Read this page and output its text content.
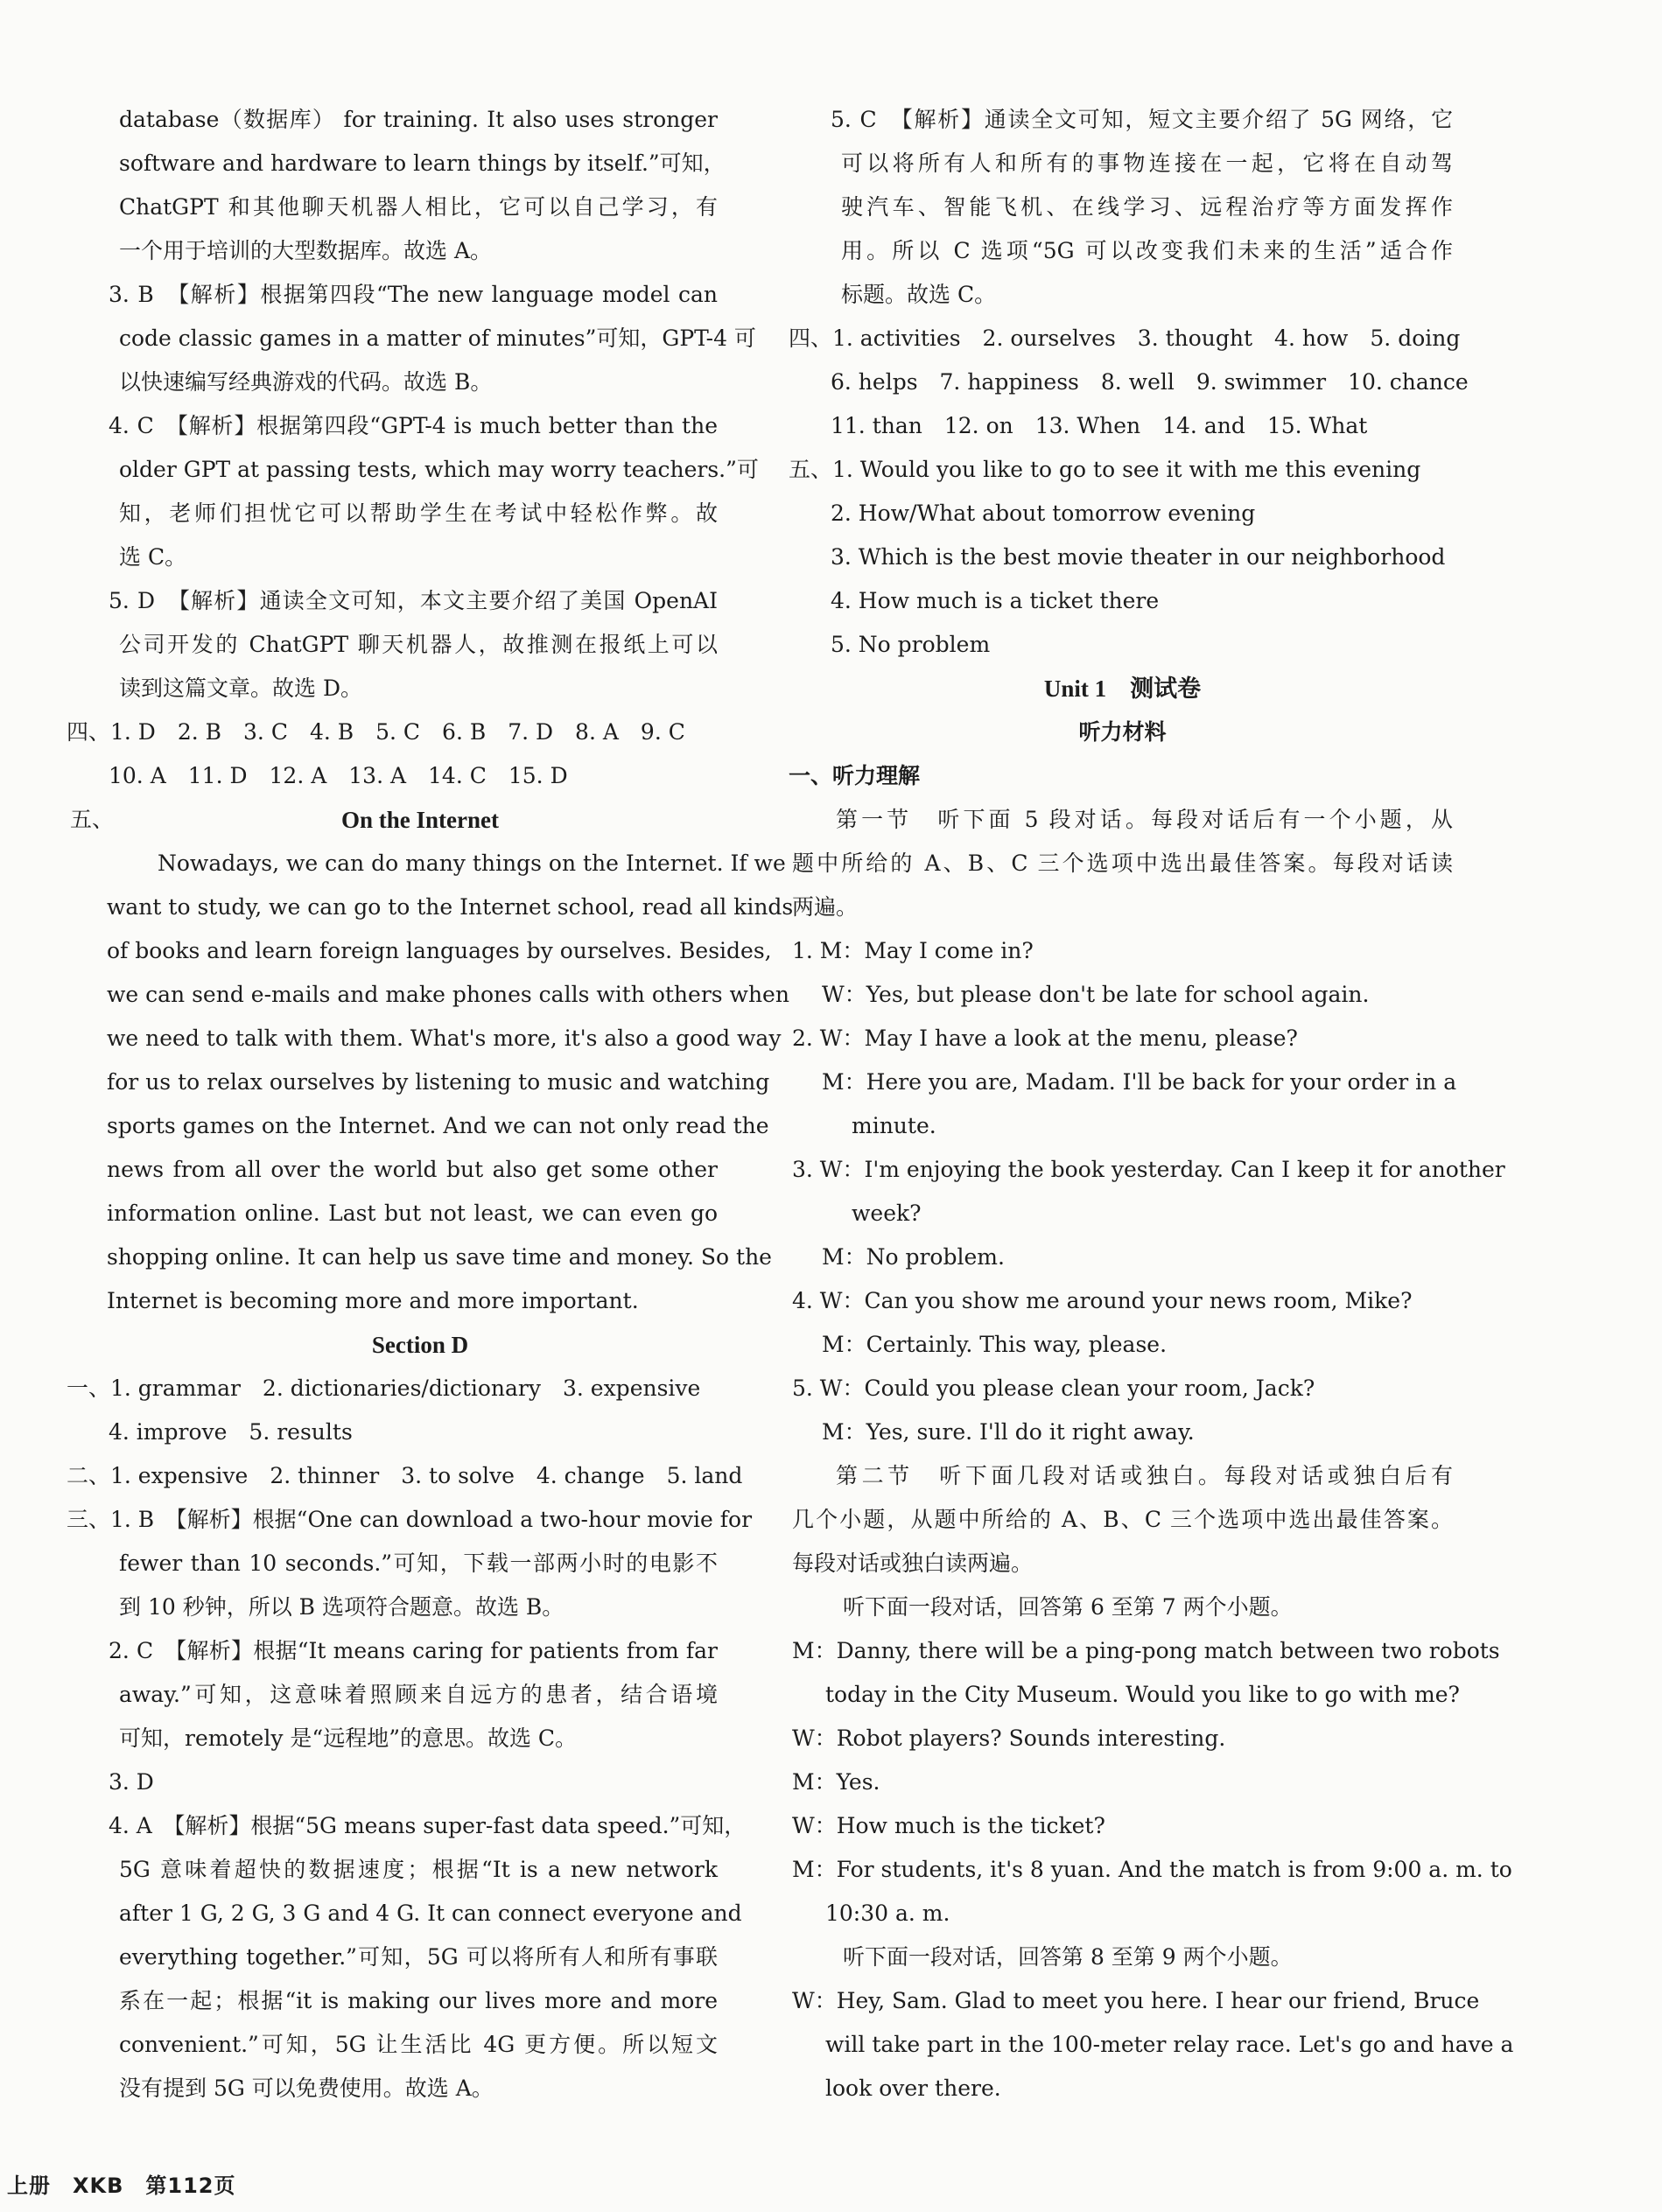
database（数据库） for training. It also uses stronger
software and hardware to learn things by itself.”可知，
ChatGPT 和其他聊天机器人相比，它可以自己学习，有
一个用于培训的大型数据库。故选 A。
3. B　【解析】根据第四段“The new language model can
code classic games in a matter of minutes”可知，GPT-4 可
以快速编写经典游戏的代码。故选 B。
4. C　【解析】根据第四段“GPT-4 is much better than the
older GPT at passing tests, which may worry teachers.”可
知，老师们担忧它可以帮助学生在考试中轻松作弊。故
选 C。
5. D　【解析】通读全文可知，本文主要介绍了美国 OpenAI
公司开发的 ChatGPT 聊天机器人，故推测在报纸上可以
读到这篇文章。故选 D。
四、1. D　2. B　3. C　4. B　5. C　6. B　7. D　8. A　9. C
10. A　11. D　12. A　13. A　14. C　15. D
五、	On the Internet
Nowadays, we can do many things on the Internet. If we
want to study, we can go to the Internet school, read all kinds
of books and learn foreign languages by ourselves. Besides,
we can send e-mails and make phones calls with others when
we need to talk with them. What's more, it's also a good way
for us to relax ourselves by listening to music and watching
sports games on the Internet. And we can not only read the
news from all over the world but also get some other
information online. Last but not least, we can even go
shopping online. It can help us save time and money. So the
Internet is becoming more and more important.
Section D
一、1. grammar　2. dictionaries/dictionary　3. expensive
4. improve　5. results
二、1. expensive　2. thinner　3. to solve　4. change　5. land
三、1. B　【解析】根据“One can download a two-hour movie for
fewer than 10 seconds.”可知，下载一部两小时的电影不
到 10 秒钟，所以 B 选项符合题意。故选 B。
2. C　【解析】根据“It means caring for patients from far
away.”可知，这意味着照顾来自远方的患者，结合语境
可知，remotely 是“远程地”的意思。故选 C。
3. D
4. A　【解析】根据“5G means super-fast data speed.”可知，
5G 意味着超快的数据速度；根据“It is a new network
after 1 G, 2 G, 3 G and 4 G. It can connect everyone and
everything together.”可知，5G 可以将所有人和所有事联
系在一起；根据“it is making our lives more and more
convenient.”可知，5G 让生活比 4G 更方便。所以短文
没有提到 5G 可以免费使用。故选 A。
5. C　【解析】通读全文可知，短文主要介绍了 5G 网络，它
可以将所有人和所有的事物连接在一起，它将在自动驾
驶汽车、智能飞机、在线学习、远程治疗等方面发挥作
用。所以 C 选项“5G 可以改变我们未来的生活”适合作
标题。故选 C。
四、1. activities　2. ourselves　3. thought　4. how　5. doing
6. helps　7. happiness　8. well　9. swimmer　10. chance
11. than　12. on　13. When　14. and　15. What
五、1. Would you like to go to see it with me this evening
2. How/What about tomorrow evening
3. Which is the best movie theater in our neighborhood
4. How much is a ticket there
5. No problem
Unit 1　测试卷
听力材料
一、听力理解
第一节　听下面 5 段对话。每段对话后有一个小题，从
题中所给的 A、B、C 三个选项中选出最佳答案。每段对话读
两遍。
1. M：May I come in?
W：Yes, but please don't be late for school again.
2. W：May I have a look at the menu, please?
M：Here you are, Madam. I'll be back for your order in a
minute.
3. W：I'm enjoying the book yesterday. Can I keep it for another
week?
M：No problem.
4. W：Can you show me around your news room, Mike?
M：Certainly. This way, please.
5. W：Could you please clean your room, Jack?
M：Yes, sure. I'll do it right away.
第二节　听下面几段对话或独白。每段对话或独白后有
几个小题，从题中所给的 A、B、C 三个选项中选出最佳答案。
每段对话或独白读两遍。
听下面一段对话，回答第 6 至第 7 两个小题。
M：Danny, there will be a ping-pong match between two robots
today in the City Museum. Would you like to go with me?
W：Robot players? Sounds interesting.
M：Yes.
W：How much is the ticket?
M：For students, it's 8 yuan. And the match is from 9:00 a. m. to
10:30 a. m.
听下面一段对话，回答第 8 至第 9 两个小题。
W：Hey, Sam. Glad to meet you here. I hear our friend, Bruce
will take part in the 100-meter relay race. Let's go and have a
look over there.
上册　XKB　第112页
